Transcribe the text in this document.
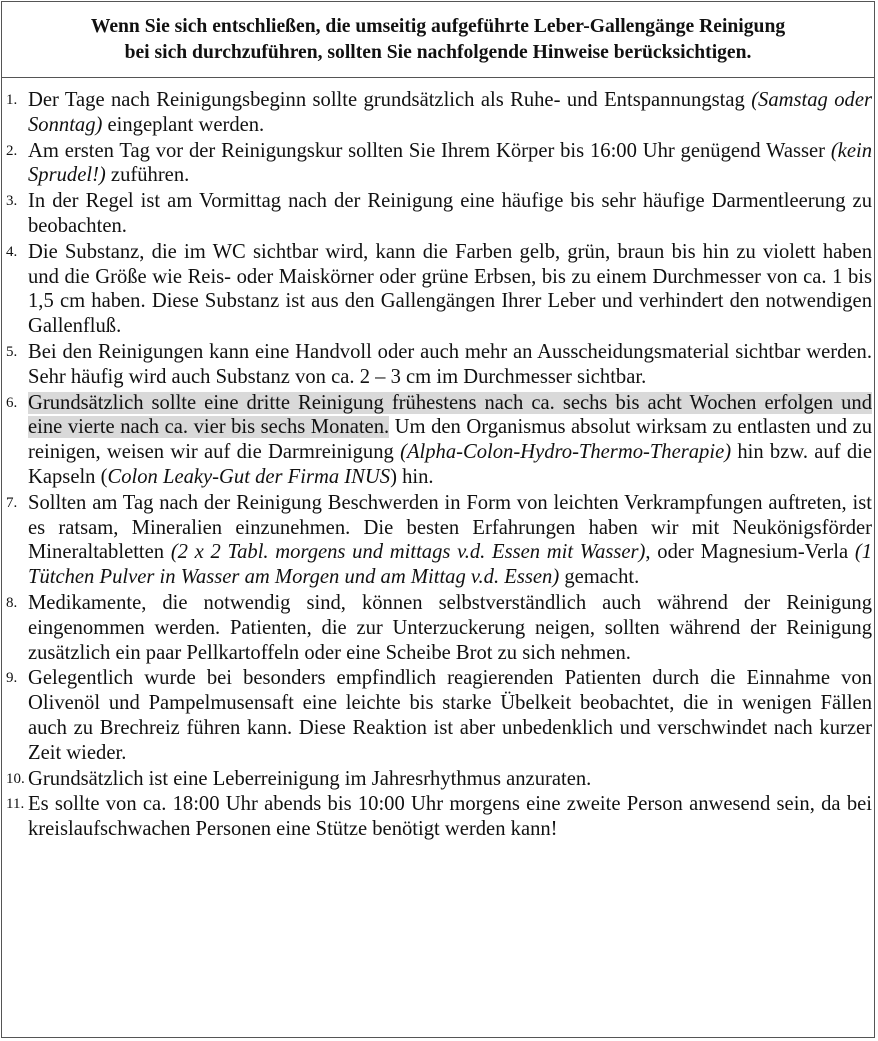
Wenn Sie sich entschließen, die umseitig aufgeführte Leber-Gallengänge Reinigung
bei sich durchzuführen, sollten Sie nachfolgende Hinweise berücksichtigen.
1. Der Tage nach Reinigungsbeginn sollte grundsätzlich als Ruhe- und Entspannungstag (Samstag oder Sonntag) eingeplant werden.
2. Am ersten Tag vor der Reinigungskur sollten Sie Ihrem Körper bis 16:00 Uhr genügend Wasser (kein Sprudel!) zuführen.
3. In der Regel ist am Vormittag nach der Reinigung eine häufige bis sehr häufige Darmentleerung zu beobachten.
4. Die Substanz, die im WC sichtbar wird, kann die Farben gelb, grün, braun bis hin zu violett haben und die Größe wie Reis- oder Maiskörner oder grüne Erbsen, bis zu einem Durchmesser von ca. 1 bis 1,5 cm haben. Diese Substanz ist aus den Gallengängen Ihrer Leber und verhindert den notwendigen Gallenfluß.
5. Bei den Reinigungen kann eine Handvoll oder auch mehr an Ausscheidungsmaterial sichtbar werden. Sehr häufig wird auch Substanz von ca. 2 – 3 cm im Durchmesser sichtbar.
6. Grundsätzlich sollte eine dritte Reinigung frühestens nach ca. sechs bis acht Wochen erfolgen und eine vierte nach ca. vier bis sechs Monaten. Um den Organismus absolut wirksam zu entlasten und zu reinigen, weisen wir auf die Darmreinigung (Alpha-Colon-Hydro-Thermo-Therapie) hin bzw. auf die Kapseln (Colon Leaky-Gut der Firma INUS) hin.
7. Sollten am Tag nach der Reinigung Beschwerden in Form von leichten Verkrampfungen auftreten, ist es ratsam, Mineralien einzunehmen. Die besten Erfahrungen haben wir mit Neukönigsförder Mineraltabletten (2 x 2 Tabl. morgens und mittags v.d. Essen mit Wasser), oder Magnesium-Verla (1 Tütchen Pulver in Wasser am Morgen und am Mittag v.d. Essen) gemacht.
8. Medikamente, die notwendig sind, können selbstverständlich auch während der Reinigung eingenommen werden. Patienten, die zur Unterzuckerung neigen, sollten während der Reinigung zusätzlich ein paar Pellkartoffeln oder eine Scheibe Brot zu sich nehmen.
9. Gelegentlich wurde bei besonders empfindlich reagierenden Patienten durch die Einnahme von Olivenöl und Pampelmusensaft eine leichte bis starke Übelkeit beobachtet, die in wenigen Fällen auch zu Brechreiz führen kann. Diese Reaktion ist aber unbedenklich und verschwindet nach kurzer Zeit wieder.
10. Grundsätzlich ist eine Leberreinigung im Jahresrhythmus anzuraten.
11. Es sollte von ca. 18:00 Uhr abends bis 10:00 Uhr morgens eine zweite Person anwesend sein, da bei kreislaufschwachen Personen eine Stütze benötigt werden kann!
